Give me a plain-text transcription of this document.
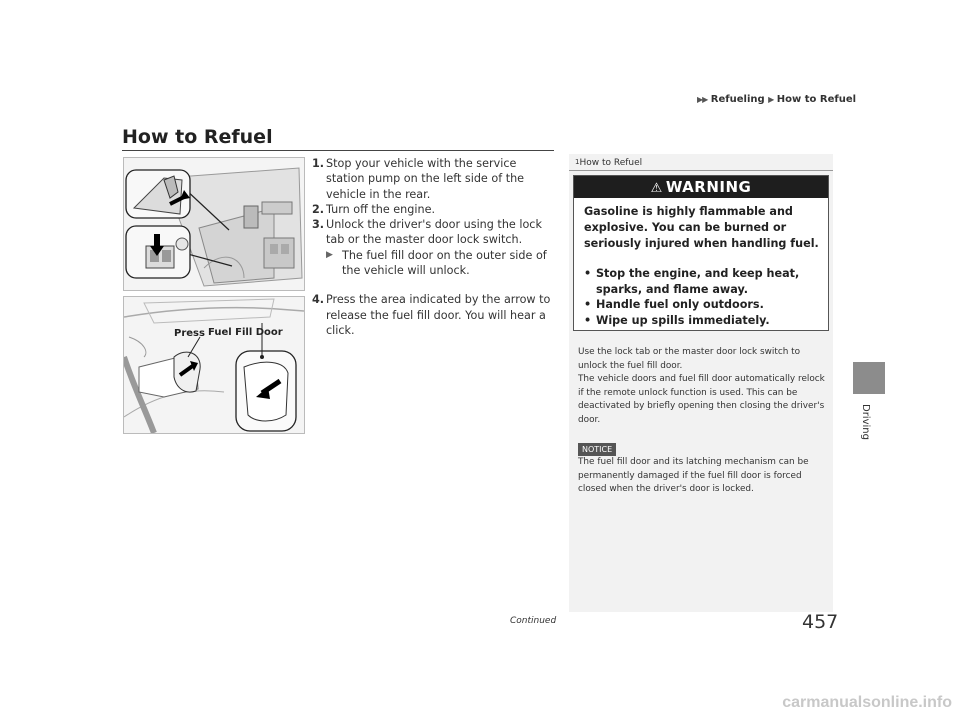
▶▶ Refueling ▶ How to Refuel
How to Refuel
Press Fuel Fill Door
1. Stop your vehicle with the service station pump on the left side of the vehicle in the rear.
2. Turn off the engine.
3. Unlock the driver's door using the lock tab or the master door lock switch.
▶ The fuel fill door on the outer side of the vehicle will unlock.
4. Press the area indicated by the arrow to release the fuel fill door. You will hear a click.
$^1$How to Refuel
⚠ WARNING
Gasoline is highly flammable and explosive. You can be burned or seriously injured when handling fuel.
• Stop the engine, and keep heat, sparks, and flame away.
• Handle fuel only outdoors.
• Wipe up spills immediately.

Use the lock tab or the master door lock switch to unlock the fuel fill door.

The vehicle doors and fuel fill door automatically relock if the remote unlock function is used. This can be deactivated by briefly opening then closing the driver's door.

NOTICE

The fuel fill door and its latching mechanism can be permanently damaged if the fuel fill door is forced closed when the driver's door is locked.

Driving
Continued	457
carmanualsonline.info
